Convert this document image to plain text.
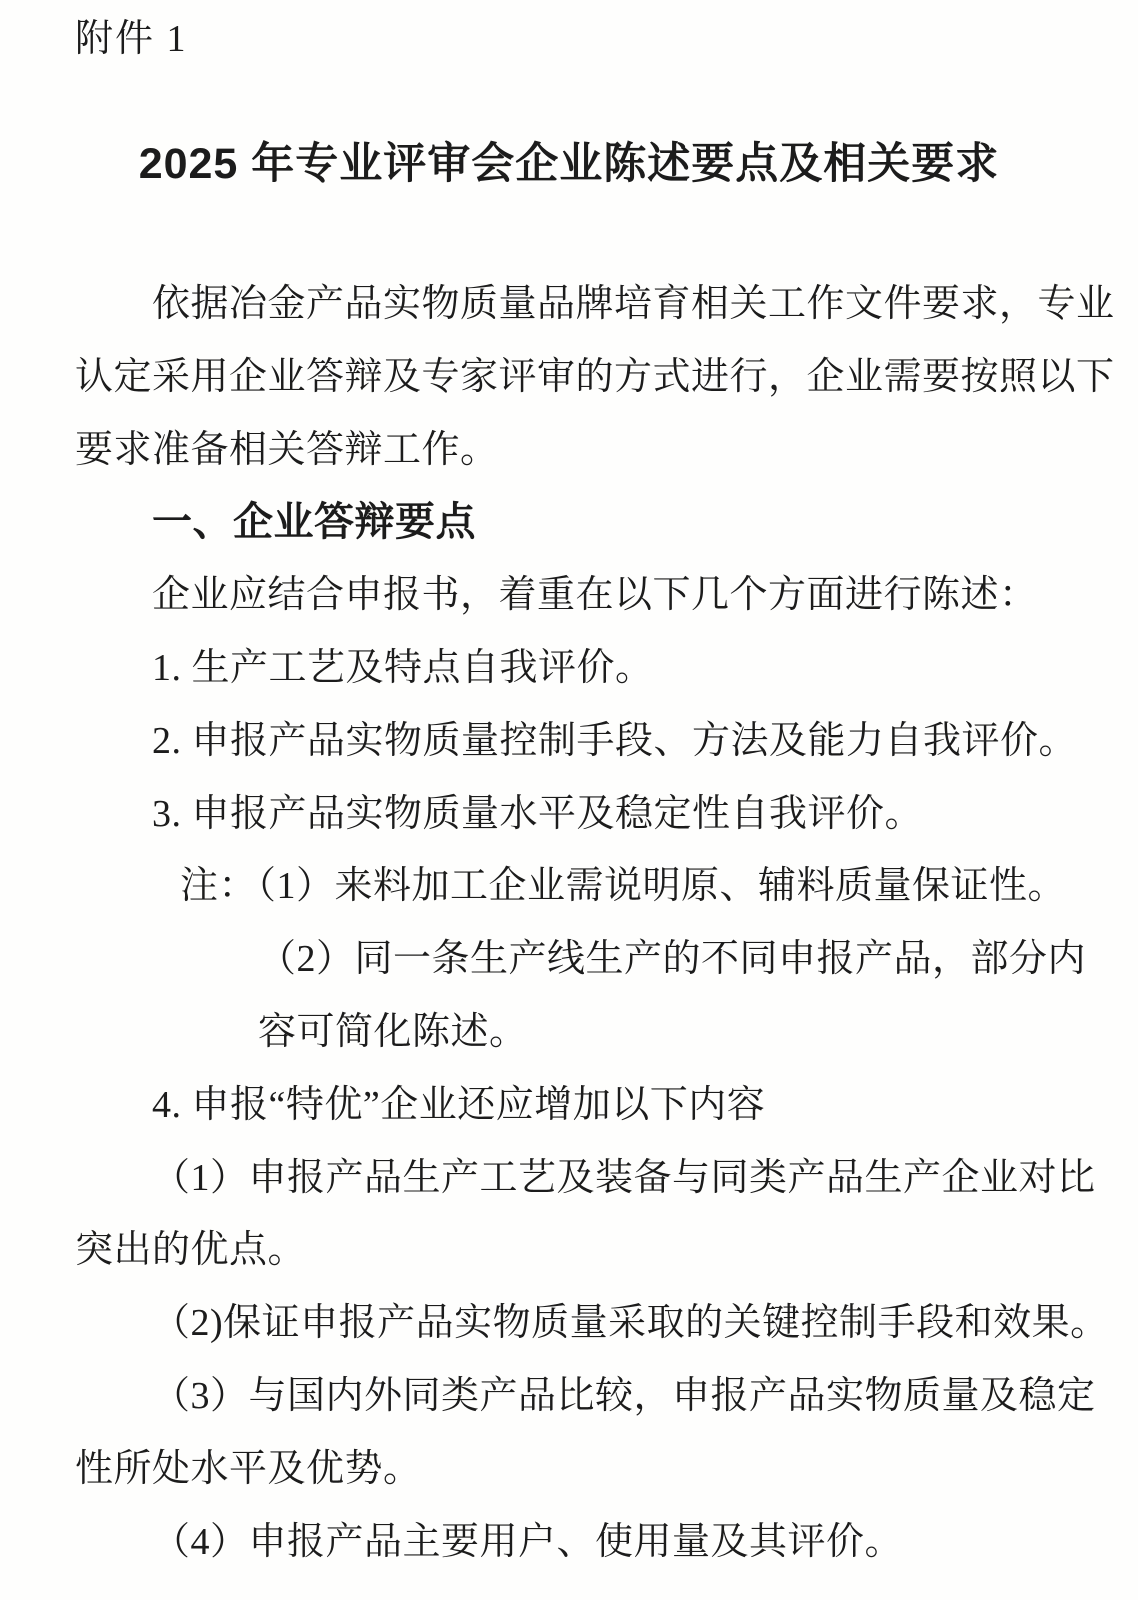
附件 1
2025 年专业评审会企业陈述要点及相关要求
依据冶金产品实物质量品牌培育相关工作文件要求，专业
认定采用企业答辩及专家评审的方式进行，企业需要按照以下
要求准备相关答辩工作。
一、企业答辩要点
企业应结合申报书，着重在以下几个方面进行陈述：
1. 生产工艺及特点自我评价。
2. 申报产品实物质量控制手段、方法及能力自我评价。
3. 申报产品实物质量水平及稳定性自我评价。
注：（1）来料加工企业需说明原、辅料质量保证性。
（2）同一条生产线生产的不同申报产品，部分内
容可简化陈述。
4. 申报“特优”企业还应增加以下内容
（1）申报产品生产工艺及装备与同类产品生产企业对比
突出的优点。
（2)保证申报产品实物质量采取的关键控制手段和效果。
（3）与国内外同类产品比较，申报产品实物质量及稳定
性所处水平及优势。
（4）申报产品主要用户、使用量及其评价。
